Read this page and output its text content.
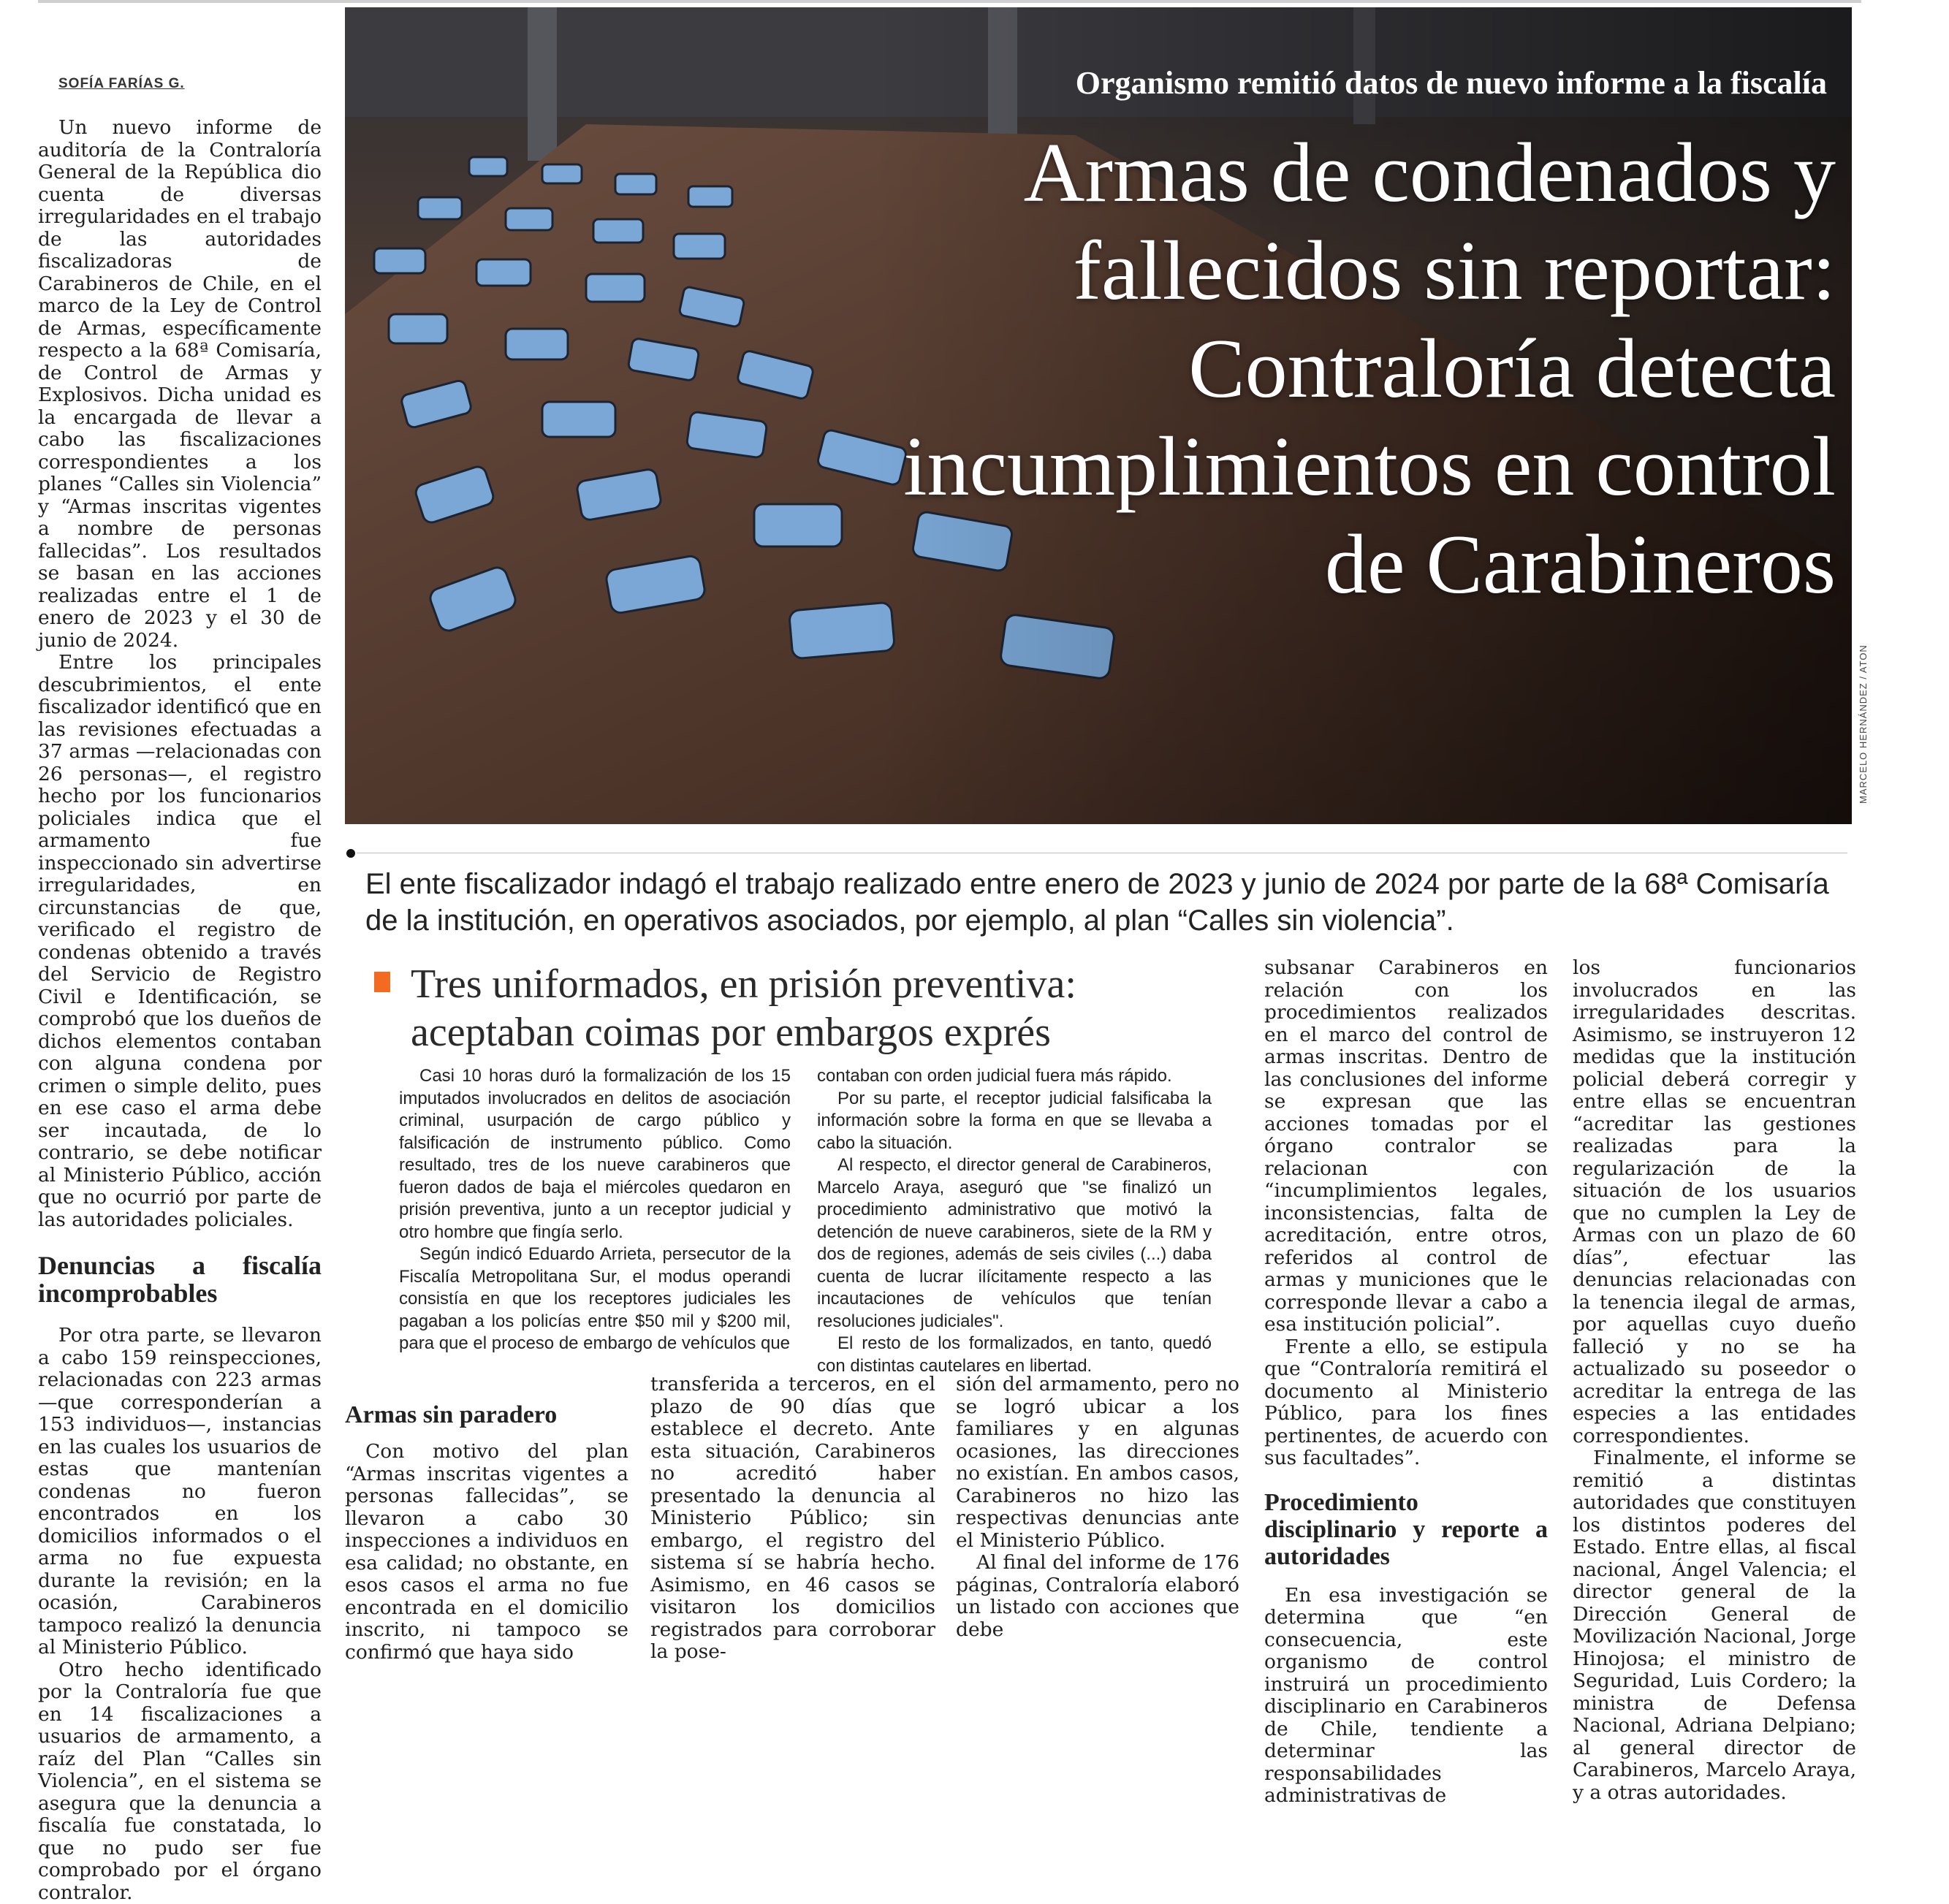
SOFÍA FARÍAS G.

Un nuevo informe de auditoría de la Contraloría General de la República dio cuenta de diversas irregularidades en el trabajo de las autoridades fiscalizadoras de Carabineros de Chile, en el marco de la Ley de Control de Armas, específicamente respecto a la 68ª Comisaría, de Control de Armas y Explosivos. Dicha unidad es la encargada de llevar a cabo las fiscalizaciones correspondientes a los planes “Calles sin Violencia” y “Armas inscritas vigentes a nombre de personas fallecidas”. Los resultados se basan en las acciones realizadas entre el 1 de enero de 2023 y el 30 de junio de 2024.

Entre los principales descubrimientos, el ente fiscalizador identificó que en las revisiones efectuadas a 37 armas —relacionadas con 26 personas—, el registro hecho por los funcionarios policiales indica que el armamento fue inspeccionado sin advertirse irregularidades, en circunstancias de que, verificado el registro de condenas obtenido a través del Servicio de Registro Civil e Identificación, se comprobó que los dueños de dichos elementos contaban con alguna condena por crimen o simple delito, pues en ese caso el arma debe ser incautada, de lo contrario, se debe notificar al Ministerio Público, acción que no ocurrió por parte de las autoridades policiales.

Denuncias a fiscalía incomprobables

Por otra parte, se llevaron a cabo 159 reinspecciones, relacionadas con 223 armas —que corresponderían a 153 individuos—, instancias en las cuales los usuarios de estas que mantenían condenas no fueron encontrados en los domicilios informados o el arma no fue expuesta durante la revisión; en la ocasión, Carabineros tampoco realizó la denuncia al Ministerio Público.

Otro hecho identificado por la Contraloría fue que en 14 fiscalizaciones a usuarios de armamento, a raíz del Plan “Calles sin Violencia”, en el sistema se asegura que la denuncia a fiscalía fue constatada, lo que no pudo ser fue comprobado por el órgano contralor.

Organismo remitió datos de nuevo informe a la fiscalía
Armas de condenados y fallecidos sin reportar: Contraloría detecta incumplimientos en control de Carabineros
MARCELO HERNÁNDEZ / ATON
El ente fiscalizador indagó el trabajo realizado entre enero de 2023 y junio de 2024 por parte de la 68ª Comisaría de la institución, en operativos asociados, por ejemplo, al plan “Calles sin violencia”.
Tres uniformados, en prisión preventiva: aceptaban coimas por embargos exprés

Casi 10 horas duró la formalización de los 15 imputados involucrados en delitos de asociación criminal, usurpación de cargo público y falsificación de instrumento público. Como resultado, tres de los nueve carabineros que fueron dados de baja el miércoles quedaron en prisión preventiva, junto a un receptor judicial y otro hombre que fingía serlo.

Según indicó Eduardo Arrieta, persecutor de la Fiscalía Metropolitana Sur, el modus operandi consistía en que los receptores judiciales les pagaban a los policías entre $50 mil y $200 mil, para que el proceso de embargo de vehículos que

contaban con orden judicial fuera más rápido.

Por su parte, el receptor judicial falsificaba la información sobre la forma en que se llevaba a cabo la situación.

Al respecto, el director general de Carabineros, Marcelo Araya, aseguró que "se finalizó un procedimiento administrativo que motivó la detención de nueve carabineros, siete de la RM y dos de regiones, además de seis civiles (...) daba cuenta de lucrar ilícitamente respecto a las incautaciones de vehículos que tenían resoluciones judiciales".

El resto de los formalizados, en tanto, quedó con distintas cautelares en libertad.

Armas sin paradero

Con motivo del plan “Armas inscritas vigentes a personas fallecidas”, se llevaron a cabo 30 inspecciones a individuos en esa calidad; no obstante, en esos casos el arma no fue encontrada en el domicilio inscrito, ni tampoco se confirmó que haya sido

transferida a terceros, en el plazo de 90 días que establece el decreto. Ante esta situación, Carabineros no acreditó haber presentado la denuncia al Ministerio Público; sin embargo, el registro del sistema sí se habría hecho. Asimismo, en 46 casos se visitaron los domicilios registrados para corroborar la pose-

sión del armamento, pero no se logró ubicar a los familiares y en algunas ocasiones, las direcciones no existían. En ambos casos, Carabineros no hizo las respectivas denuncias ante el Ministerio Público.

Al final del informe de 176 páginas, Contraloría elaboró un listado con acciones que debe

subsanar Carabineros en relación con los procedimientos realizados en el marco del control de armas inscritas. Dentro de las conclusiones del informe se expresan que las acciones tomadas por el órgano contralor se relacionan con “incumplimientos legales, inconsistencias, falta de acreditación, entre otros, referidos al control de armas y municiones que le corresponde llevar a cabo a esa institución policial”.

Frente a ello, se estipula que “Contraloría remitirá el documento al Ministerio Público, para los fines pertinentes, de acuerdo con sus facultades”.

Procedimiento disciplinario y reporte a autoridades

En esa investigación se determina que “en consecuencia, este organismo de control instruirá un procedimiento disciplinario en Carabineros de Chile, tendiente a determinar las responsabilidades administrativas de

los funcionarios involucrados en las irregularidades descritas. Asimismo, se instruyeron 12 medidas que la institución policial deberá corregir y entre ellas se encuentran “acreditar las gestiones realizadas para la regularización de la situación de los usuarios que no cumplen la Ley de Armas con un plazo de 60 días”, efectuar las denuncias relacionadas con la tenencia ilegal de armas, por aquellas cuyo dueño falleció y no se ha actualizado su poseedor o acreditar la entrega de las especies a las entidades correspondientes.

Finalmente, el informe se remitió a distintas autoridades que constituyen los distintos poderes del Estado. Entre ellas, al fiscal nacional, Ángel Valencia; el director general de la Dirección General de Movilización Nacional, Jorge Hinojosa; el ministro de Seguridad, Luis Cordero; la ministra de Defensa Nacional, Adriana Delpiano; al general director de Carabineros, Marcelo Araya, y a otras autoridades.
